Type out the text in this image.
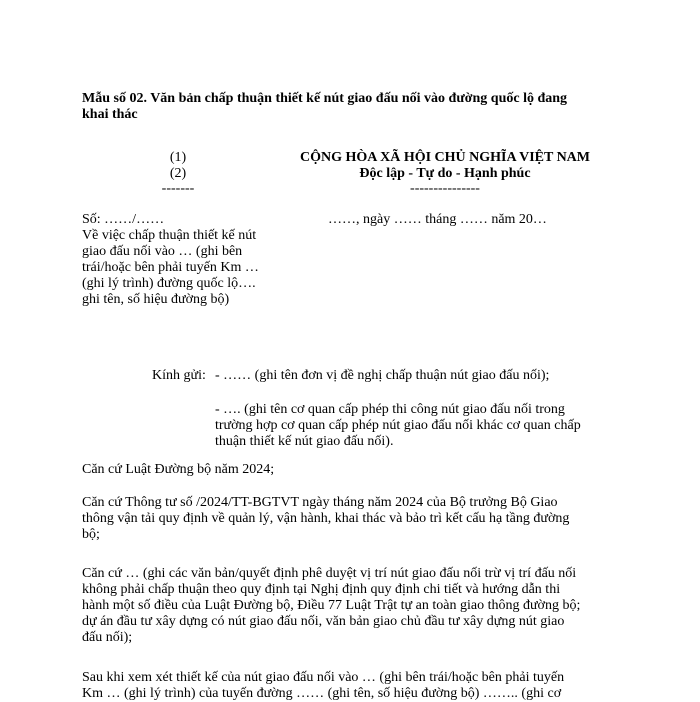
Mẫu số 02. Văn bản chấp thuận thiết kế nút giao đấu nối vào đường quốc lộ đang
khai thác
(1)
(2)
-------
CỘNG HÒA XÃ HỘI CHỦ NGHĨA VIỆT NAM
Độc lập - Tự do - Hạnh phúc
---------------
Số: ……/……	……, ngày …… tháng …… năm 20…
Về việc chấp thuận thiết kế nút
giao đấu nối vào … (ghi bên
trái/hoặc bên phải tuyến Km …
(ghi lý trình) đường quốc lộ….
ghi tên, số hiệu đường bộ)
Kính gửi: - …… (ghi tên đơn vị đề nghị chấp thuận nút giao đấu nối);
- …. (ghi tên cơ quan cấp phép thi công nút giao đấu nối trong
trường hợp cơ quan cấp phép nút giao đấu nối khác cơ quan chấp
thuận thiết kế nút giao đấu nối).
Căn cứ Luật Đường bộ năm 2024;
Căn cứ Thông tư số /2024/TT-BGTVT ngày tháng năm 2024 của Bộ trưởng Bộ Giao
thông vận tải quy định về quản lý, vận hành, khai thác và bảo trì kết cấu hạ tầng đường
bộ;
Căn cứ … (ghi các văn bản/quyết định phê duyệt vị trí nút giao đấu nối trừ vị trí đấu nối
không phải chấp thuận theo quy định tại Nghị định quy định chi tiết và hướng dẫn thi
hành một số điều của Luật Đường bộ, Điều 77 Luật Trật tự an toàn giao thông đường bộ;
dự án đầu tư xây dựng có nút giao đấu nối, văn bản giao chủ đầu tư xây dựng nút giao
đấu nối);
Sau khi xem xét thiết kế của nút giao đấu nối vào … (ghi bên trái/hoặc bên phải tuyến
Km … (ghi lý trình) của tuyến đường …… (ghi tên, số hiệu đường bộ) …….. (ghi cơ
